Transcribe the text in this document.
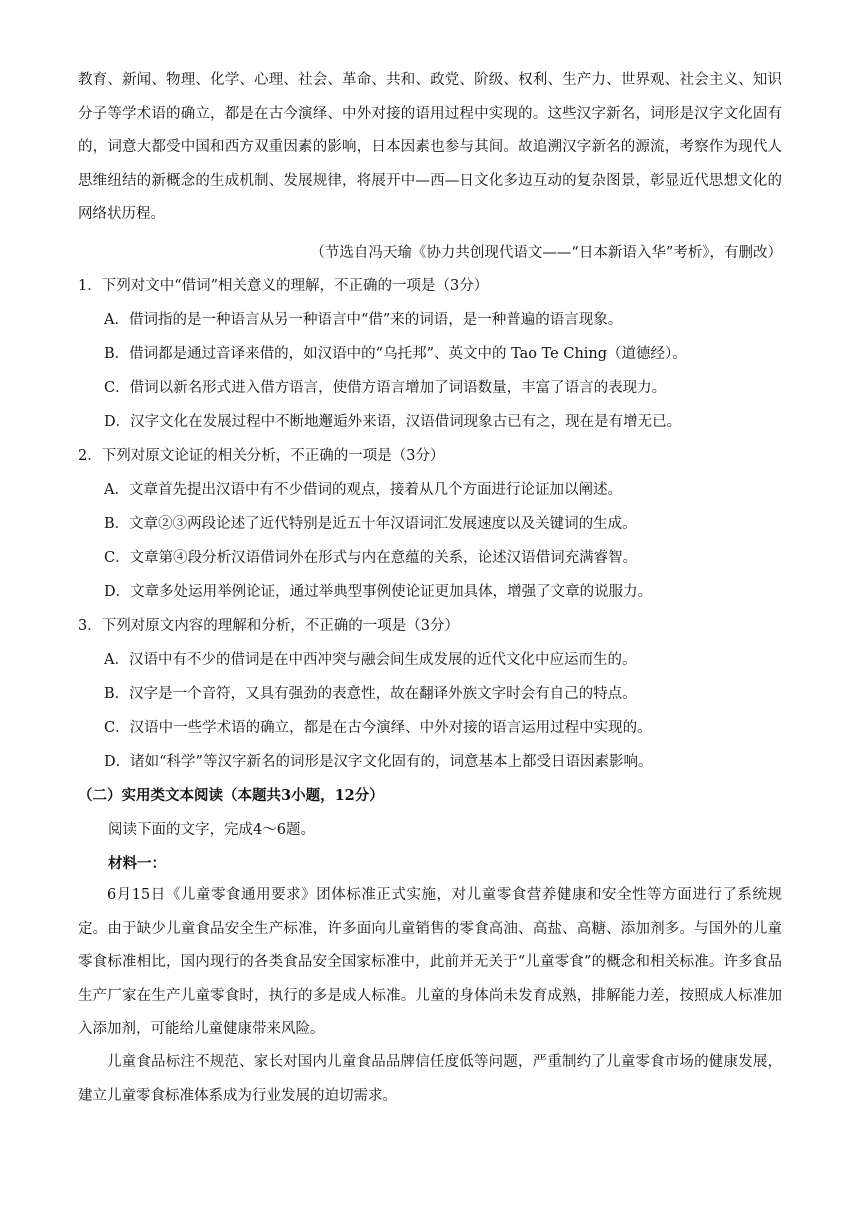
教育、新闻、物理、化学、心理、社会、革命、共和、政党、阶级、权利、生产力、世界观、社会主义、知识分子等学术语的确立，都是在古今演绎、中外对接的语用过程中实现的。这些汉字新名，词形是汉字文化固有的，词意大都受中国和西方双重因素的影响，日本因素也参与其间。故追溯汉字新名的源流，考察作为现代人思维纽结的新概念的生成机制、发展规律，将展开中—西—日文化多边互动的复杂图景，彰显近代思想文化的网络状历程。

（节选自冯天瑜《协力共创现代语文——“日本新语入华”考析》，有删改）
1．下列对文中“借词”相关意义的理解，不正确的一项是（3分）
A．借词指的是一种语言从另一种语言中“借”来的词语，是一种普遍的语言现象。
B．借词都是通过音译来借的，如汉语中的“乌托邦”、英文中的 Tao Te Ching（道德经）。
C．借词以新名形式进入借方语言，使借方语言增加了词语数量，丰富了语言的表现力。
D．汉字文化在发展过程中不断地邂逅外来语，汉语借词现象古已有之，现在是有增无已。
2．下列对原文论证的相关分析，不正确的一项是（3分）
A．文章首先提出汉语中有不少借词的观点，接着从几个方面进行论证加以阐述。
B．文章②③两段论述了近代特别是近五十年汉语词汇发展速度以及关键词的生成。
C．文章第④段分析汉语借词外在形式与内在意蕴的关系，论述汉语借词充满睿智。
D．文章多处运用举例论证，通过举典型事例使论证更加具体，增强了文章的说服力。
3．下列对原文内容的理解和分析，不正确的一项是（3分）
A．汉语中有不少的借词是在中西冲突与融会间生成发展的近代文化中应运而生的。
B．汉字是一个音符，又具有强劲的表意性，故在翻译外族文字时会有自己的特点。
C．汉语中一些学术语的确立，都是在古今演绎、中外对接的语言运用过程中实现的。
D．诸如“科学”等汉字新名的词形是汉字文化固有的，词意基本上都受日语因素影响。
（二）实用类文本阅读（本题共3小题，12分）
阅读下面的文字，完成4～6题。
材料一：

6月15日《儿童零食通用要求》团体标准正式实施，对儿童零食营养健康和安全性等方面进行了系统规定。由于缺少儿童食品安全生产标准，许多面向儿童销售的零食高油、高盐、高糖、添加剂多。与国外的儿童零食标准相比，国内现行的各类食品安全国家标准中，此前并无关于“儿童零食”的概念和相关标准。许多食品生产厂家在生产儿童零食时，执行的多是成人标准。儿童的身体尚未发育成熟，排解能力差，按照成人标准加入添加剂，可能给儿童健康带来风险。

儿童食品标注不规范、家长对国内儿童食品品牌信任度低等问题，严重制约了儿童零食市场的健康发展，建立儿童零食标准体系成为行业发展的迫切需求。
